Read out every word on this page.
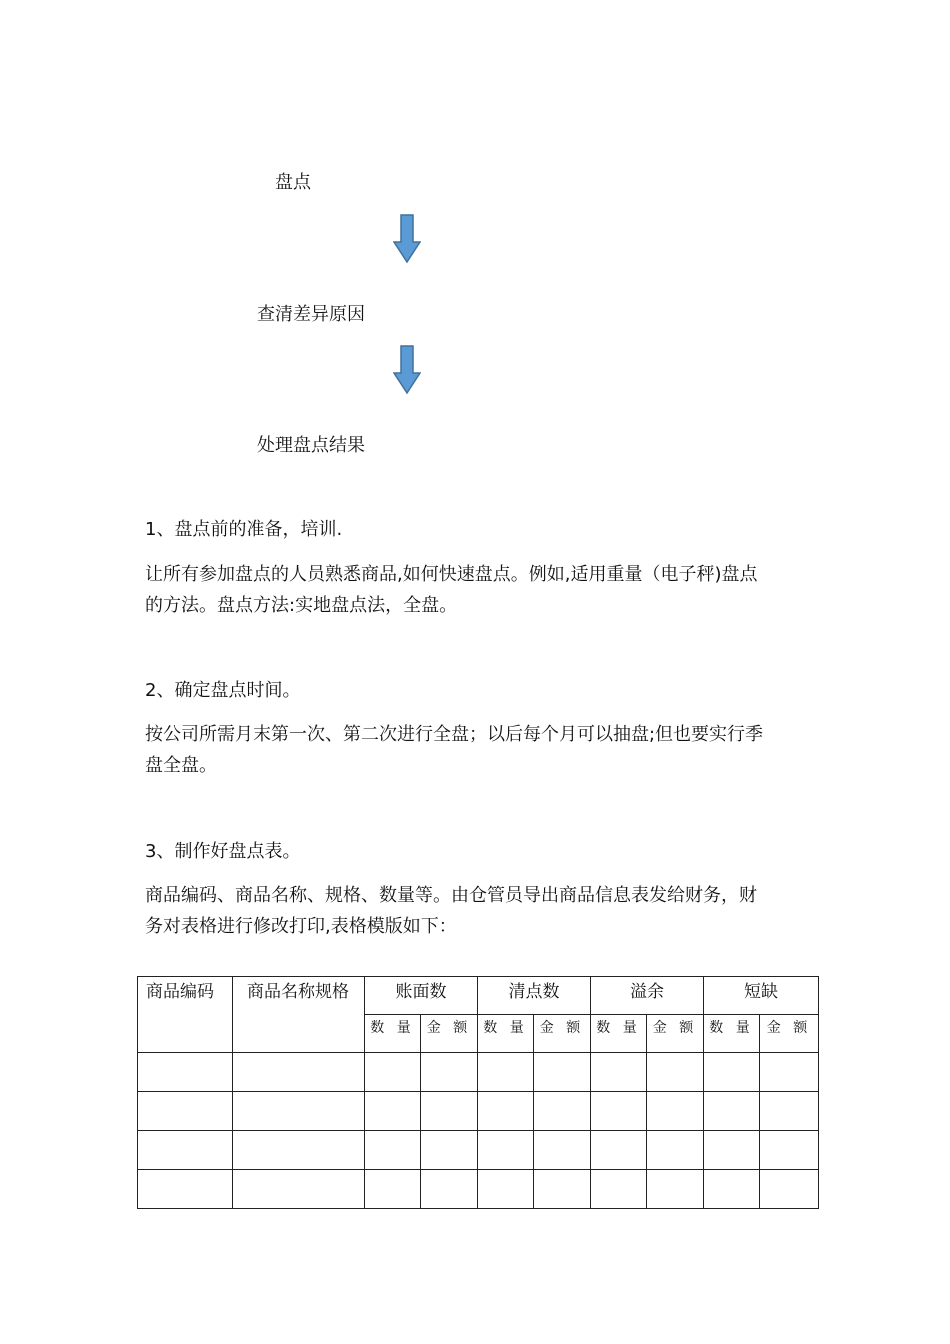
盘点
查清差异原因
处理盘点结果

1、盘点前的准备，培训.

让所有参加盘点的人员熟悉商品,如何快速盘点。例如,适用重量（电子秤)盘点
的方法。盘点方法:实地盘点法，全盘。

2、确定盘点时间。

按公司所需月末第一次、第二次进行全盘；以后每个月可以抽盘;但也要实行季
盘全盘。

3、制作好盘点表。

商品编码、商品名称、规格、数量等。由仓管员导出商品信息表发给财务，财
务对表格进行修改打印,表格模版如下：

商品编码	商品名称规格	账面数		清点数		溢余		短缺	

		数 量	金 额	数 量	金 额	数 量	金 额	数 量	金 额
